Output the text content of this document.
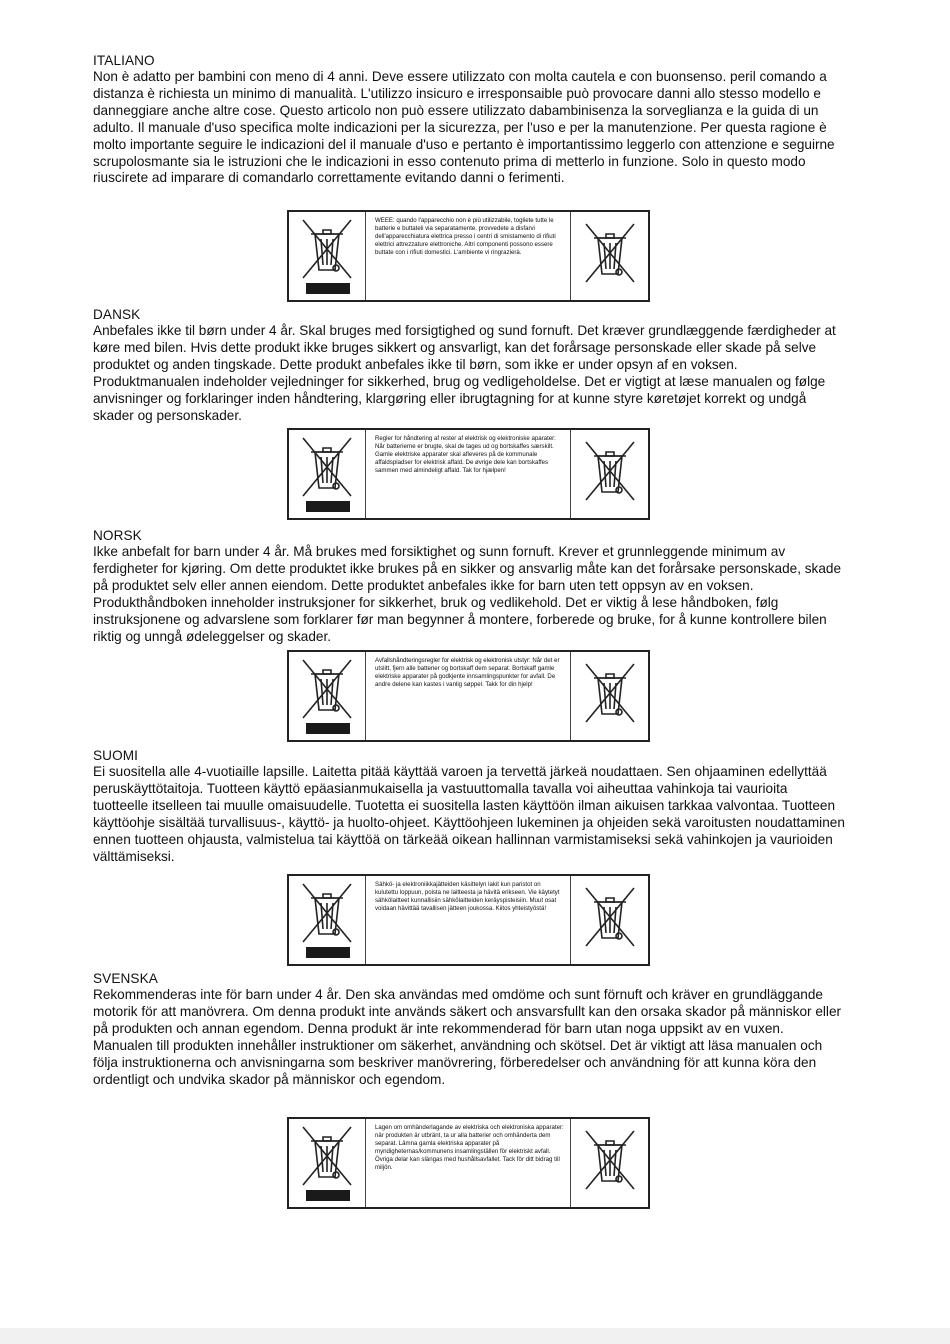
ITALIANO

Non è adatto per bambini con meno di 4 anni. Deve essere utilizzato con molta cautela e con buonsenso. peril comando a distanza è richiesta un minimo di manualità. L'utilizzo insicuro e irresponsaible può provocare danni allo stesso modello e danneggiare anche altre cose. Questo articolo non può essere utilizzato dabambinisenza la sorveglianza e la guida di un adulto. Il manuale d'uso specifica molte indicazioni per la sicurezza, per l'uso e per la manutenzione. Per questa ragione è molto importante seguire le indicazioni del il manuale d'uso e pertanto è importantissimo leggerlo con attenzione e seguirne scrupolosmante sia le istruzioni che le indicazioni in esso contenuto prima di metterlo in funzione. Solo in questo modo riuscirete ad imparare di comandarlo correttamente evitando danni o ferimenti.

WEEE: quando l'apparecchio non è più utilizzabile, togliete tutte le batterie e buttateli via separatamente. provvedete a disfarvi dell'apparecchiatura elettrica presso i centri di smistamento di rifiuti elettrici attrezzature elettroniche. Altri componenti possono essere buttate con i rifiuti domestici. L'ambiente vi ringrazierà.
DANSK

Anbefales ikke til børn under 4 år. Skal bruges med forsigtighed og sund fornuft. Det kræver grundlæggende færdigheder at køre med bilen. Hvis dette produkt ikke bruges sikkert og ansvarligt, kan det forårsage personskade eller skade på selve produktet og anden tingskade. Dette produkt anbefales ikke til børn, som ikke er under opsyn af en voksen. Produktmanualen indeholder vejledninger for sikkerhed, brug og vedligeholdelse. Det er vigtigt at læse manualen og følge anvisninger og forklaringer inden håndtering, klargøring eller ibrugtagning for at kunne styre køretøjet korrekt og undgå skader og personskader.

Regler for håndtering af rester af elektrisk og elektroniske aparater: Når batterierne er brugte, skal de tages ud og bortskaffes særskilt. Gamle elektriske apparater skal afleveres på de kommunale affaldspladser for elektrisk affald. De øvrige dele kan bortskaffes sammen med almindeligt affald. Tak for hjælpen!
NORSK

Ikke anbefalt for barn under 4 år. Må brukes med forsiktighet og sunn fornuft. Krever et grunnleggende minimum av ferdigheter for kjøring. Om dette produktet ikke brukes på en sikker og ansvarlig måte kan det forårsake personskade, skade på produktet selv eller annen eiendom. Dette produktet anbefales ikke for barn uten tett oppsyn av en voksen. Produkthåndboken inneholder instruksjoner for sikkerhet, bruk og vedlikehold. Det er viktig å lese håndboken, følg instruksjonene og advarslene som forklarer før man begynner å montere, forberede og bruke, for å kunne kontrollere bilen riktig og unngå ødeleggelser og skader.

Avfallshåndteringsregler for elektrisk og elektronisk utstyr: Når det er utslitt, fjern alle batterier og bortskaff dem separat. Bortskaff gamle elektriske apparater på godkjente innsamlingspunkter for avfall. De andre delene kan kastes i vanlig søppel. Takk for din hjelp!
SUOMI

Ei suositella alle 4-vuotiaille lapsille. Laitetta pitää käyttää varoen ja tervettä järkeä noudattaen. Sen ohjaaminen edellyttää peruskäyttötaitoja. Tuotteen käyttö epäasianmukaisella ja vastuuttomalla tavalla voi aiheuttaa vahinkoja tai vaurioita tuotteelle itselleen tai muulle omaisuudelle. Tuotetta ei suositella lasten käyttöön ilman aikuisen tarkkaa valvontaa. Tuotteen käyttöohje sisältää turvallisuus-, käyttö- ja huolto-ohjeet. Käyttöohjeen lukeminen ja ohjeiden sekä varoitusten noudattaminen ennen tuotteen ohjausta, valmistelua tai käyttöä on tärkeää oikean hallinnan varmistamiseksi sekä vahinkojen ja vaurioiden välttämiseksi.

Sähkö- ja elektroniikkajätteiden käsittelyn lakit kun paristot on kulutettu loppuun, poista ne laitteesta ja hävitä erikseen. Vie käytetyt sähkölaitteet kunnallisiin sähkölaitteiden keräyspisteisiin. Muut osat voidaan hävittää tavallisen jätteen joukossa. Kiitos yhteistyöstä!
SVENSKA

Rekommenderas inte för barn under 4 år. Den ska användas med omdöme och sunt förnuft och kräver en grundläggande motorik för att manövrera. Om denna produkt inte används säkert och ansvarsfullt kan den orsaka skador på människor eller på produkten och annan egendom. Denna produkt är inte rekommenderad för barn utan noga uppsikt av en vuxen. Manualen till produkten innehåller instruktioner om säkerhet, användning och skötsel. Det är viktigt att läsa manualen och följa instruktionerna och anvisningarna som beskriver manövrering, förberedelser och användning för att kunna köra den ordentligt och undvika skador på människor och egendom.

Lagen om omhänderlagande av elektriska och elektroniska apparater: när produkten är utbränt, ta ur alla batterier och omhänderta dem separat. Lämna gamla elektriska apparater på myndigheternas/kommunens insamlingställen för elektriskt avfall. Övriga delar kan slängas med hushållsavfallet. Tack för ditt bidrag till miljön.
